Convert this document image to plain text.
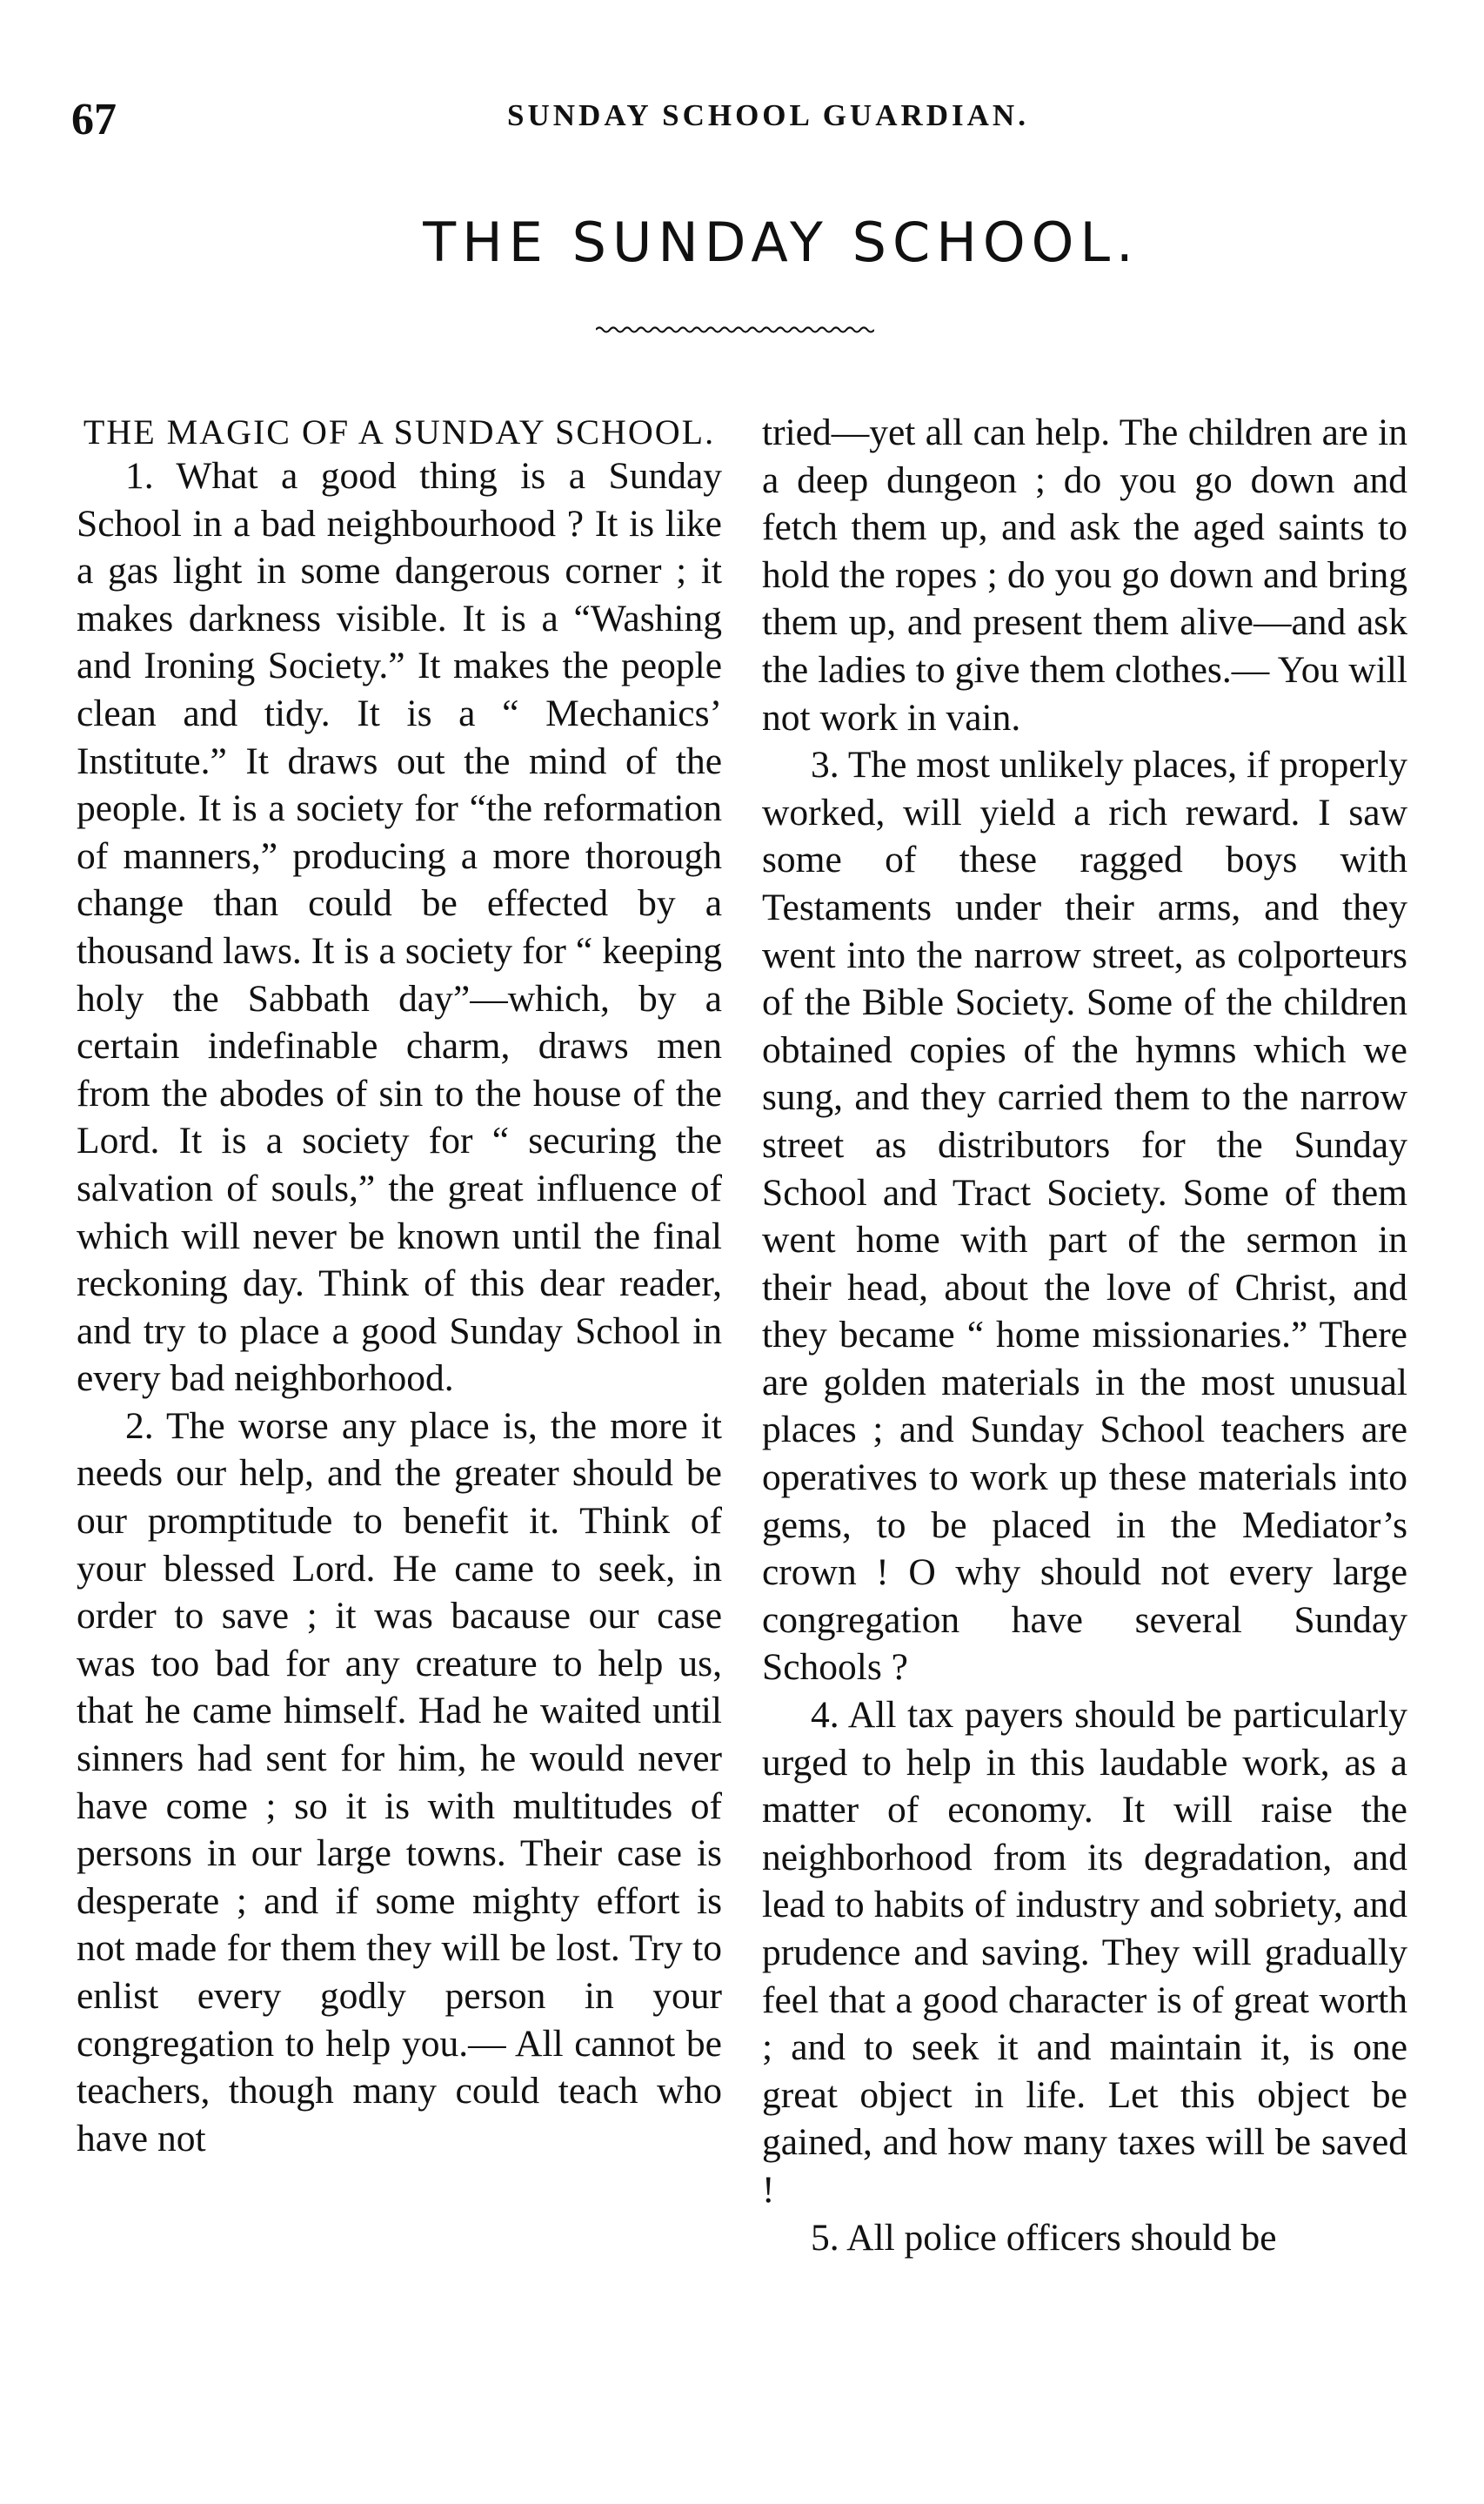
67	SUNDAY SCHOOL GUARDIAN.
THE SUNDAY SCHOOL.
THE MAGIC OF A SUNDAY SCHOOL.

1. What a good thing is a Sunday School in a bad neighbourhood ? It is like a gas light in some dangerous corner ; it makes darkness visible. It is a “Washing and Ironing Society.” It makes the people clean and tidy. It is a “ Mechanics’ Institute.” It draws out the mind of the people. It is a society for “the reformation of manners,” producing a more thorough change than could be effected by a thousand laws. It is a society for “ keeping holy the Sabbath day”—which, by a certain indefinable charm, draws men from the abodes of sin to the house of the Lord. It is a society for “ securing the salvation of souls,” the great influence of which will never be known until the final reckoning day. Think of this dear reader, and try to place a good Sunday School in every bad neighborhood.

2. The worse any place is, the more it needs our help, and the greater should be our promptitude to benefit it. Think of your blessed Lord. He came to seek, in order to save ; it was bacause our case was too bad for any creature to help us, that he came himself. Had he waited until sinners had sent for him, he would never have come ; so it is with multitudes of persons in our large towns. Their case is desperate ; and if some mighty effort is not made for them they will be lost. Try to enlist every godly person in your congregation to help you.— All cannot be teachers, though many could teach who have not

tried—yet all can help. The children are in a deep dungeon ; do you go down and fetch them up, and ask the aged saints to hold the ropes ; do you go down and bring them up, and present them alive—and ask the ladies to give them clothes.— You will not work in vain.

3. The most unlikely places, if properly worked, will yield a rich reward. I saw some of these ragged boys with Testaments under their arms, and they went into the narrow street, as colporteurs of the Bible Society. Some of the children obtained copies of the hymns which we sung, and they carried them to the narrow street as distributors for the Sunday School and Tract Society. Some of them went home with part of the sermon in their head, about the love of Christ, and they became “ home missionaries.” There are golden materials in the most unusual places ; and Sunday School teachers are operatives to work up these materials into gems, to be placed in the Mediator’s crown ! O why should not every large congregation have several Sunday Schools ?

4. All tax payers should be particularly urged to help in this laudable work, as a matter of economy. It will raise the neighborhood from its degradation, and lead to habits of industry and sobriety, and prudence and saving. They will gradually feel that a good character is of great worth ; and to seek it and maintain it, is one great object in life. Let this object be gained, and how many taxes will be saved !

5. All police officers should be
